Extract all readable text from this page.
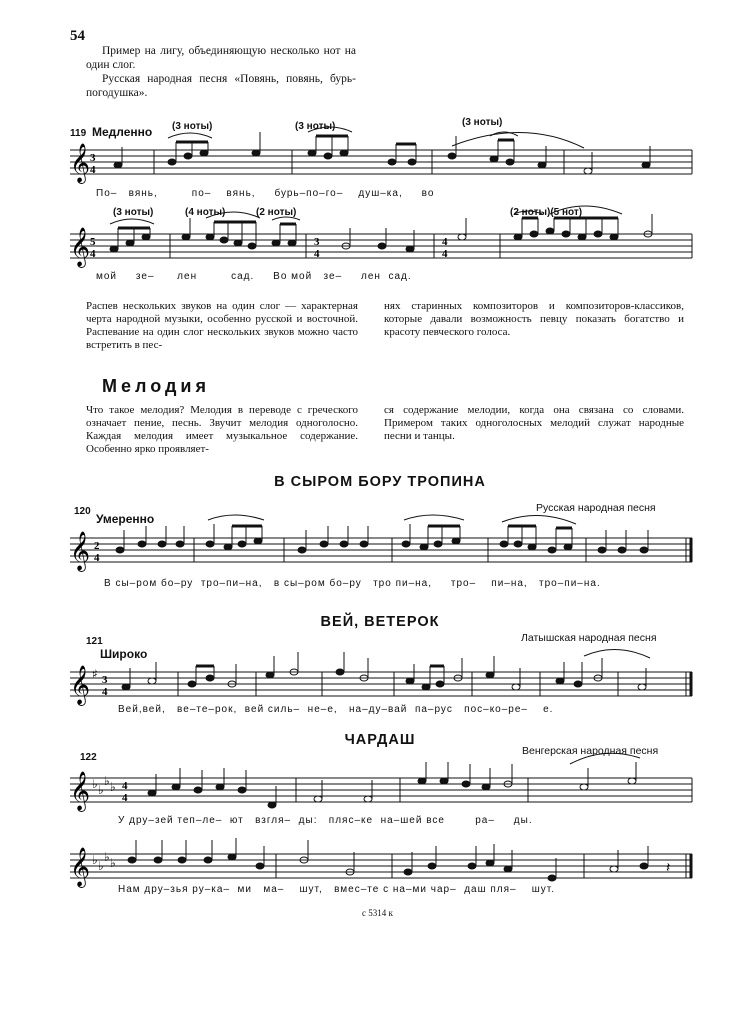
54

Пример на лигу, объединяющую несколько нот на один слог.

Русская народная песня «Повянь, повянь, бурь-погодушка».

119 Медленно (3 ноты)	(3 ноты)	(3 ноты)
𝄞 3
4
По–   вянь,         по–    вянь,     бурь–по–го–    душ–ка,     во
(3 ноты)	(4 ноты)	(2 ноты)	(2 ноты)(5 нот)
𝄞 5
4
3
4
4
4
мой     зе–      лен         сад.     Во мой   зе–     лен  сад.

Распев нескольких звуков на один слог — характерная черта народной музыки, особенно русской и восточной. Распевание на один слог нескольких звуков можно часто встретить в пес-

нях старинных композиторов и композиторов-классиков, которые давали возможность певцу показать богатство и красоту певческого голоса.

Мелодия

Что такое мелодия? Мелодия в переводе с греческого означает пение, песнь. Звучит мелодия одноголосно. Каждая мелодия имеет музыкальное содержание. Особенно ярко проявляет-

ся содержание мелодии, когда она связана со словами. Примером таких одноголосных мелодий служат народные песни и танцы.

В СЫРОМ БОРУ ТРОПИНА
Русская народная песня
120
Умеренно
𝄞 2
4
В сы–ром бо–ру  тро–пи–на,   в сы–ром бо–ру   тро пи–на,     тро–    пи–на,   тро–пи–на.
ВЕЙ, ВЕТЕРОК
Латышская народная песня
121
Широко
𝄞 ♯ 3
4
Вей,вей,   ве–те–рок,  вей силь–  не–е,   на–ду–вай  па–рус   пос–ко–ре–    е.
ЧАРДАШ
Венгерская народная песня
122
𝄞 ♭ ♭
♭ ♭ 4
4
У дру–зей теп–ле–  ют   взгля–  ды:   пляс–ке  на–шей все        ра–     ды.
𝄞 ♭ ♭
♭ ♭	𝄽
Нам дру–зья ру–ка–  ми   ма–    шут,   вмес–те с на–ми чар–  даш пля–    шут.
с 5314 к
